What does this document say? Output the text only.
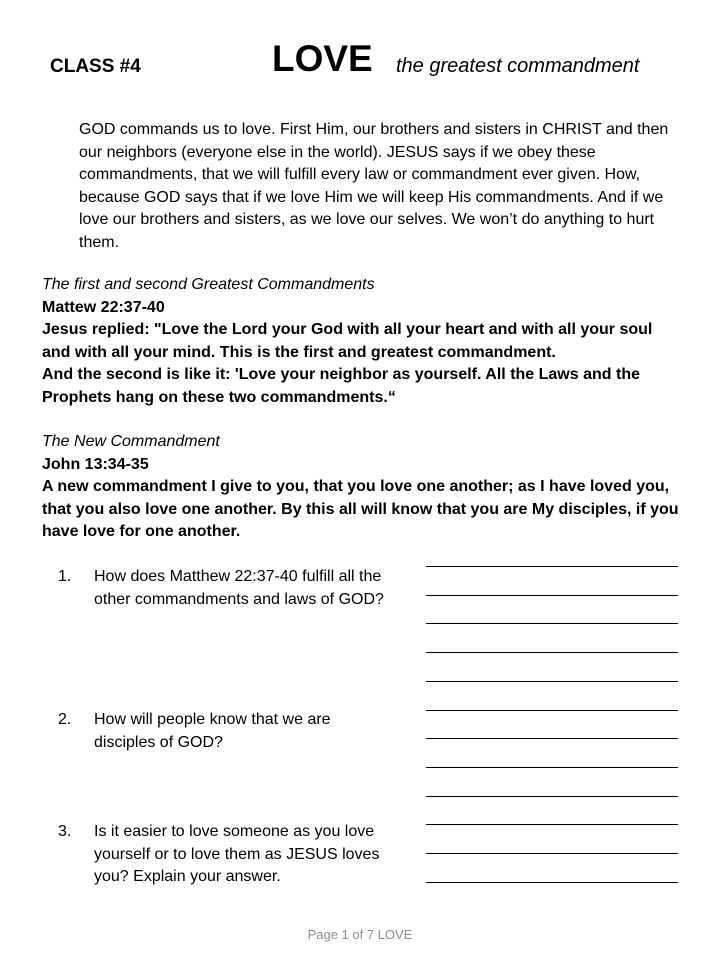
CLASS #4	LOVE the greatest commandment
GOD commands us to love. First Him, our brothers and sisters in CHRIST and then our neighbors (everyone else in the world). JESUS says if we obey these commandments, that we will fulfill every law or commandment ever given. How, because GOD says that if we love Him we will keep His commandments. And if we love our brothers and sisters, as we love our selves. We won’t do anything to hurt them.
The first and second Greatest Commandments
Mattew 22:37-40
Jesus replied: "Love the Lord your God with all your heart and with all your soul and with all your mind. This is the first and greatest commandment.
And the second is like it: 'Love your neighbor as yourself. All the Laws and the Prophets hang on these two commandments.“
The New Commandment
John 13:34-35
A new commandment I give to you, that you love one another; as I have loved you, that you also love one another. By this all will know that you are My disciples, if you have love for one another.
1.	How does Matthew 22:37-40 fulfill all the other commandments and laws of GOD?
2.	How will people know that we are disciples of GOD?
3.	Is it easier to love someone as you love yourself or to love them as JESUS loves you? Explain your answer.
Page 1 of 7 LOVE
